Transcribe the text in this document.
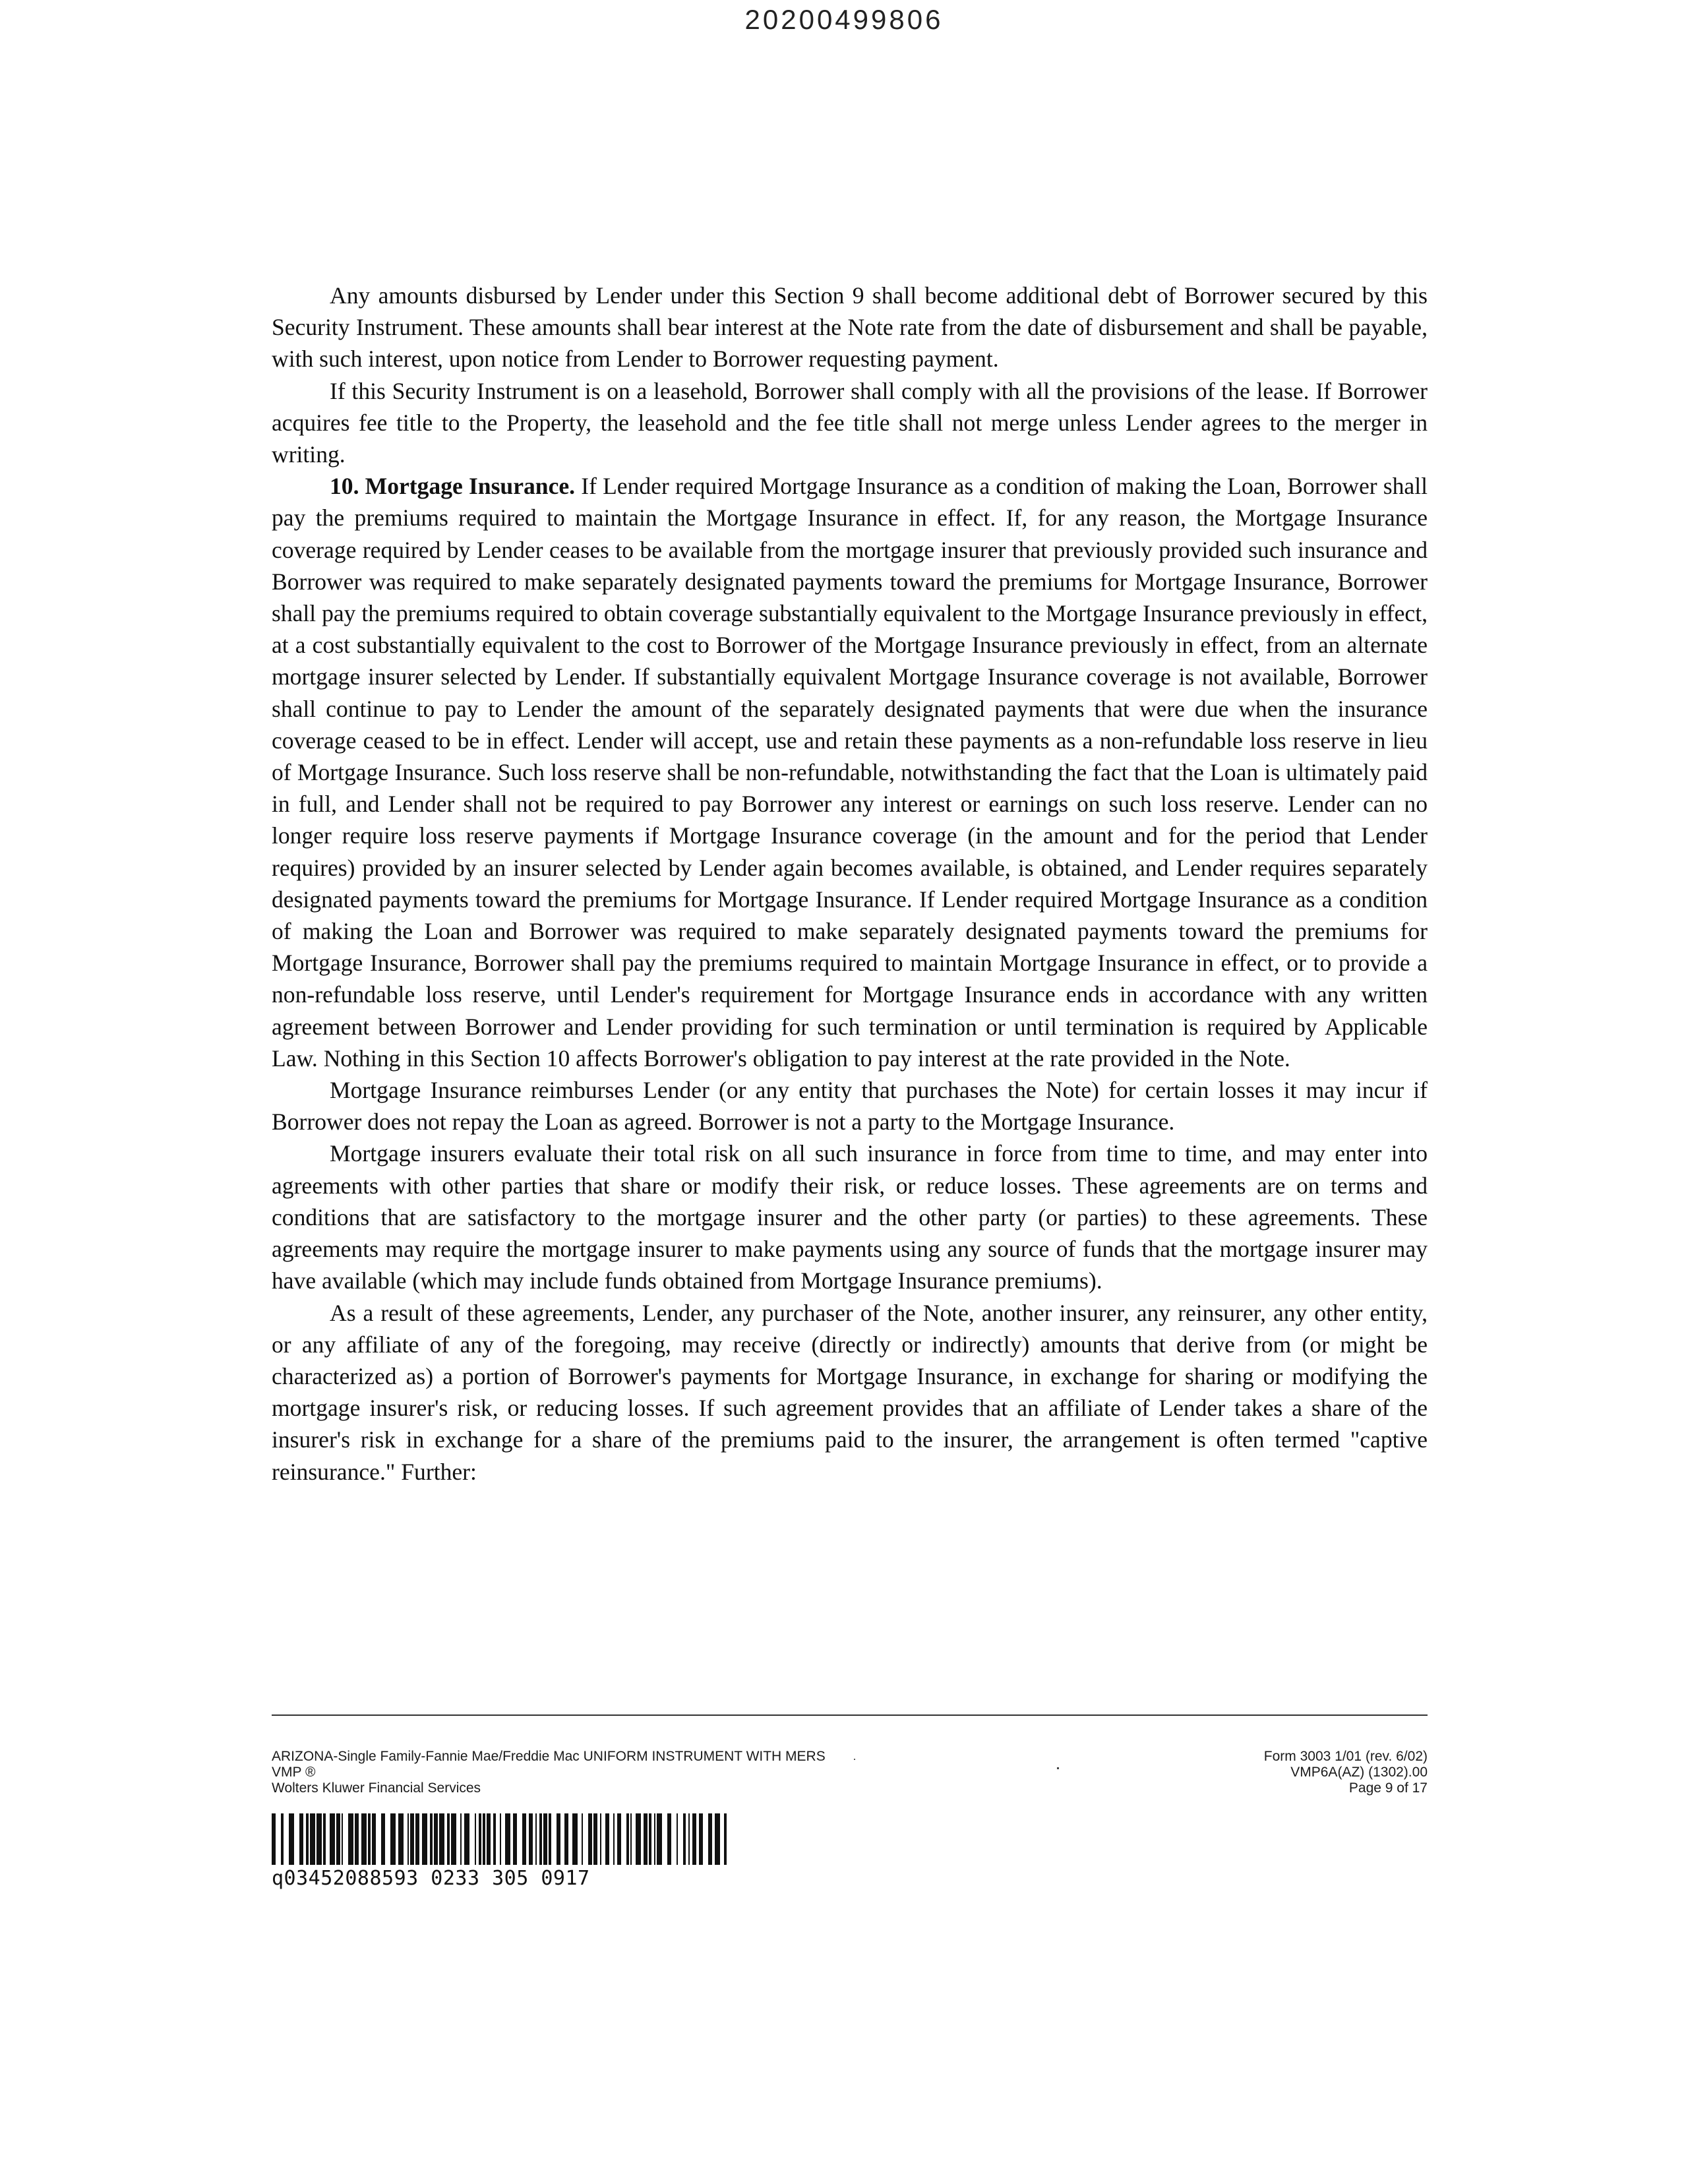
20200499806

Any amounts disbursed by Lender under this Section 9 shall become additional debt of Borrower secured by this Security Instrument. These amounts shall bear interest at the Note rate from the date of disbursement and shall be payable, with such interest, upon notice from Lender to Borrower requesting payment.

If this Security Instrument is on a leasehold, Borrower shall comply with all the provisions of the lease. If Borrower acquires fee title to the Property, the leasehold and the fee title shall not merge unless Lender agrees to the merger in writing.

10. Mortgage Insurance. If Lender required Mortgage Insurance as a condition of making the Loan, Borrower shall pay the premiums required to maintain the Mortgage Insurance in effect. If, for any reason, the Mortgage Insurance coverage required by Lender ceases to be available from the mortgage insurer that previously provided such insurance and Borrower was required to make separately designated payments toward the premiums for Mortgage Insurance, Borrower shall pay the premiums required to obtain coverage substantially equivalent to the Mortgage Insurance previously in effect, at a cost substantially equivalent to the cost to Borrower of the Mortgage Insurance previously in effect, from an alternate mortgage insurer selected by Lender. If substantially equivalent Mortgage Insurance coverage is not available, Borrower shall continue to pay to Lender the amount of the separately designated payments that were due when the insurance coverage ceased to be in effect. Lender will accept, use and retain these payments as a non-refundable loss reserve in lieu of Mortgage Insurance. Such loss reserve shall be non-refundable, notwithstanding the fact that the Loan is ultimately paid in full, and Lender shall not be required to pay Borrower any interest or earnings on such loss reserve. Lender can no longer require loss reserve payments if Mortgage Insurance coverage (in the amount and for the period that Lender requires) provided by an insurer selected by Lender again becomes available, is obtained, and Lender requires separately designated payments toward the premiums for Mortgage Insurance. If Lender required Mortgage Insurance as a condition of making the Loan and Borrower was required to make separately designated payments toward the premiums for Mortgage Insurance, Borrower shall pay the premiums required to maintain Mortgage Insurance in effect, or to provide a non-refundable loss reserve, until Lender's requirement for Mortgage Insurance ends in accordance with any written agreement between Borrower and Lender providing for such termination or until termination is required by Applicable Law. Nothing in this Section 10 affects Borrower's obligation to pay interest at the rate provided in the Note.

Mortgage Insurance reimburses Lender (or any entity that purchases the Note) for certain losses it may incur if Borrower does not repay the Loan as agreed. Borrower is not a party to the Mortgage Insurance.

Mortgage insurers evaluate their total risk on all such insurance in force from time to time, and may enter into agreements with other parties that share or modify their risk, or reduce losses. These agreements are on terms and conditions that are satisfactory to the mortgage insurer and the other party (or parties) to these agreements. These agreements may require the mortgage insurer to make payments using any source of funds that the mortgage insurer may have available (which may include funds obtained from Mortgage Insurance premiums).

As a result of these agreements, Lender, any purchaser of the Note, another insurer, any reinsurer, any other entity, or any affiliate of any of the foregoing, may receive (directly or indirectly) amounts that derive from (or might be characterized as) a portion of Borrower's payments for Mortgage Insurance, in exchange for sharing or modifying the mortgage insurer's risk, or reducing losses. If such agreement provides that an affiliate of Lender takes a share of the insurer's risk in exchange for a share of the premiums paid to the insurer, the arrangement is often termed "captive reinsurance." Further:

ARIZONA-Single Family-Fannie Mae/Freddie Mac UNIFORM INSTRUMENT WITH MERS
VMP ®
Wolters Kluwer Financial Services
Form 3003 1/01 (rev. 6/02)
VMP6A(AZ) (1302).00
Page 9 of 17
q03452088593 0233 305 0917
